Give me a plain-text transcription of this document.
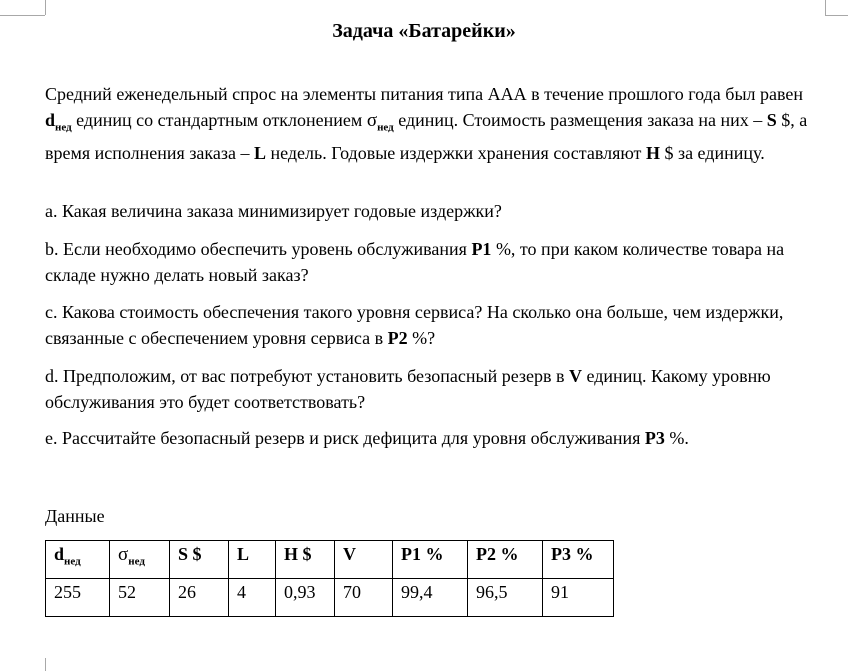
Задача «Батарейки»
Средний еженедельный спрос на элементы питания типа ААА в течение прошлого года был равен $d_{нед}$ единиц со стандартным отклонением $\sigma_{нед}$ единиц. Стоимость размещения заказа на них – S $, а время исполнения заказа – L недель. Годовые издержки хранения составляют H $ за единицу.
a. Какая величина заказа минимизирует годовые издержки?
b. Если необходимо обеспечить уровень обслуживания P1 %, то при каком количестве товара на складе нужно делать новый заказ?
c. Какова стоимость обеспечения такого уровня сервиса? На сколько она больше, чем издержки, связанные с обеспечением уровня сервиса в P2 %?
d. Предположим, от вас потребуют установить безопасный резерв в V единиц. Какому уровню обслуживания это будет соответствовать?
e. Рассчитайте безопасный резерв и риск дефицита для уровня обслуживания P3 %.
Данные
$d_{нед}$	$\sigma_{нед}$	S $	L	H $	V	P1 %	P2 %	P3 %
255	52	26	4	0,93	70	99,4	96,5	91
